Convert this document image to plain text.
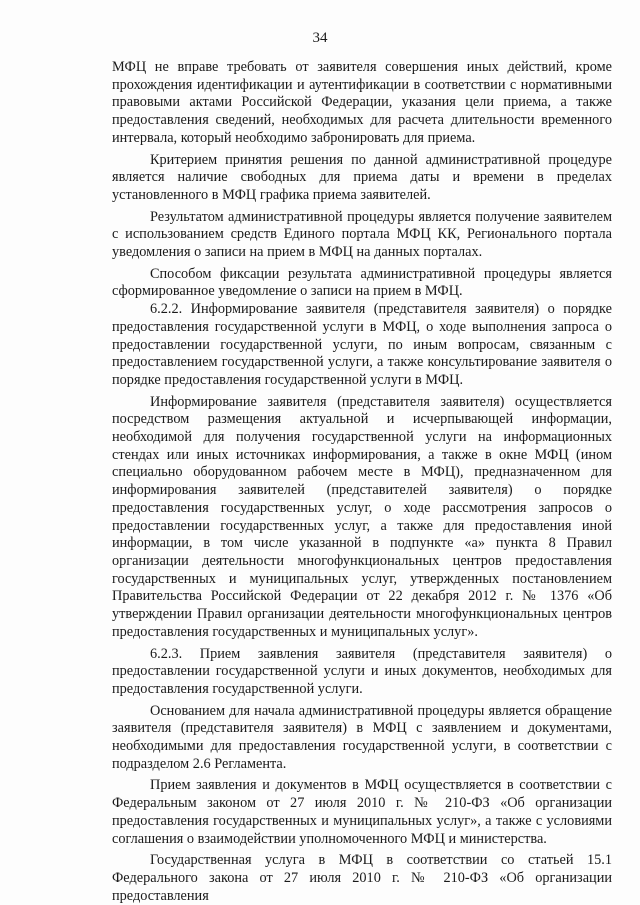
34

МФЦ не вправе требовать от заявителя совершения иных действий, кроме прохождения идентификации и аутентификации в соответствии с нормативными правовыми актами Российской Федерации, указания цели приема, а также предоставления сведений, необходимых для расчета длительности временного интервала, который необходимо забронировать для приема.

Критерием принятия решения по данной административной процедуре является наличие свободных для приема даты и времени в пределах установленного в МФЦ графика приема заявителей.

Результатом административной процедуры является получение заявителем с использованием средств Единого портала МФЦ КК, Регионального портала уведомления о записи на прием в МФЦ на данных порталах.

Способом фиксации результата административной процедуры является сформированное уведомление о записи на прием в МФЦ.

6.2.2. Информирование заявителя (представителя заявителя) о порядке предоставления государственной услуги в МФЦ, о ходе выполнения запроса о предоставлении государственной услуги, по иным вопросам, связанным с предоставлением государственной услуги, а также консультирование заявителя о порядке предоставления государственной услуги в МФЦ.

Информирование заявителя (представителя заявителя) осуществляется посредством размещения актуальной и исчерпывающей информации, необходимой для получения государственной услуги на информационных стендах или иных источниках информирования, а также в окне МФЦ (ином специально оборудованном рабочем месте в МФЦ), предназначенном для информирования заявителей (представителей заявителя) о порядке предоставления государственных услуг, о ходе рассмотрения запросов о предоставлении государственных услуг, а также для предоставления иной информации, в том числе указанной в подпункте «а» пункта 8 Правил организации деятельности многофункциональных центров предоставления государственных и муниципальных услуг, утвержденных постановлением Правительства Российской Федерации от 22 декабря 2012 г. № 1376 «Об утверждении Правил организации деятельности многофункциональных центров предоставления государственных и муниципальных услуг».

6.2.3. Прием заявления заявителя (представителя заявителя) о предоставлении государственной услуги и иных документов, необходимых для предоставления государственной услуги.

Основанием для начала административной процедуры является обращение заявителя (представителя заявителя) в МФЦ с заявлением и документами, необходимыми для предоставления государственной услуги, в соответствии с подразделом 2.6 Регламента.

Прием заявления и документов в МФЦ осуществляется в соответствии с Федеральным законом от 27 июля 2010 г. № 210-ФЗ «Об организации предоставления государственных и муниципальных услуг», а также с условиями соглашения о взаимодействии уполномоченного МФЦ и министерства.

Государственная услуга в МФЦ в соответствии со статьей 15.1 Федерального закона от 27 июля 2010 г. № 210-ФЗ «Об организации предоставления
